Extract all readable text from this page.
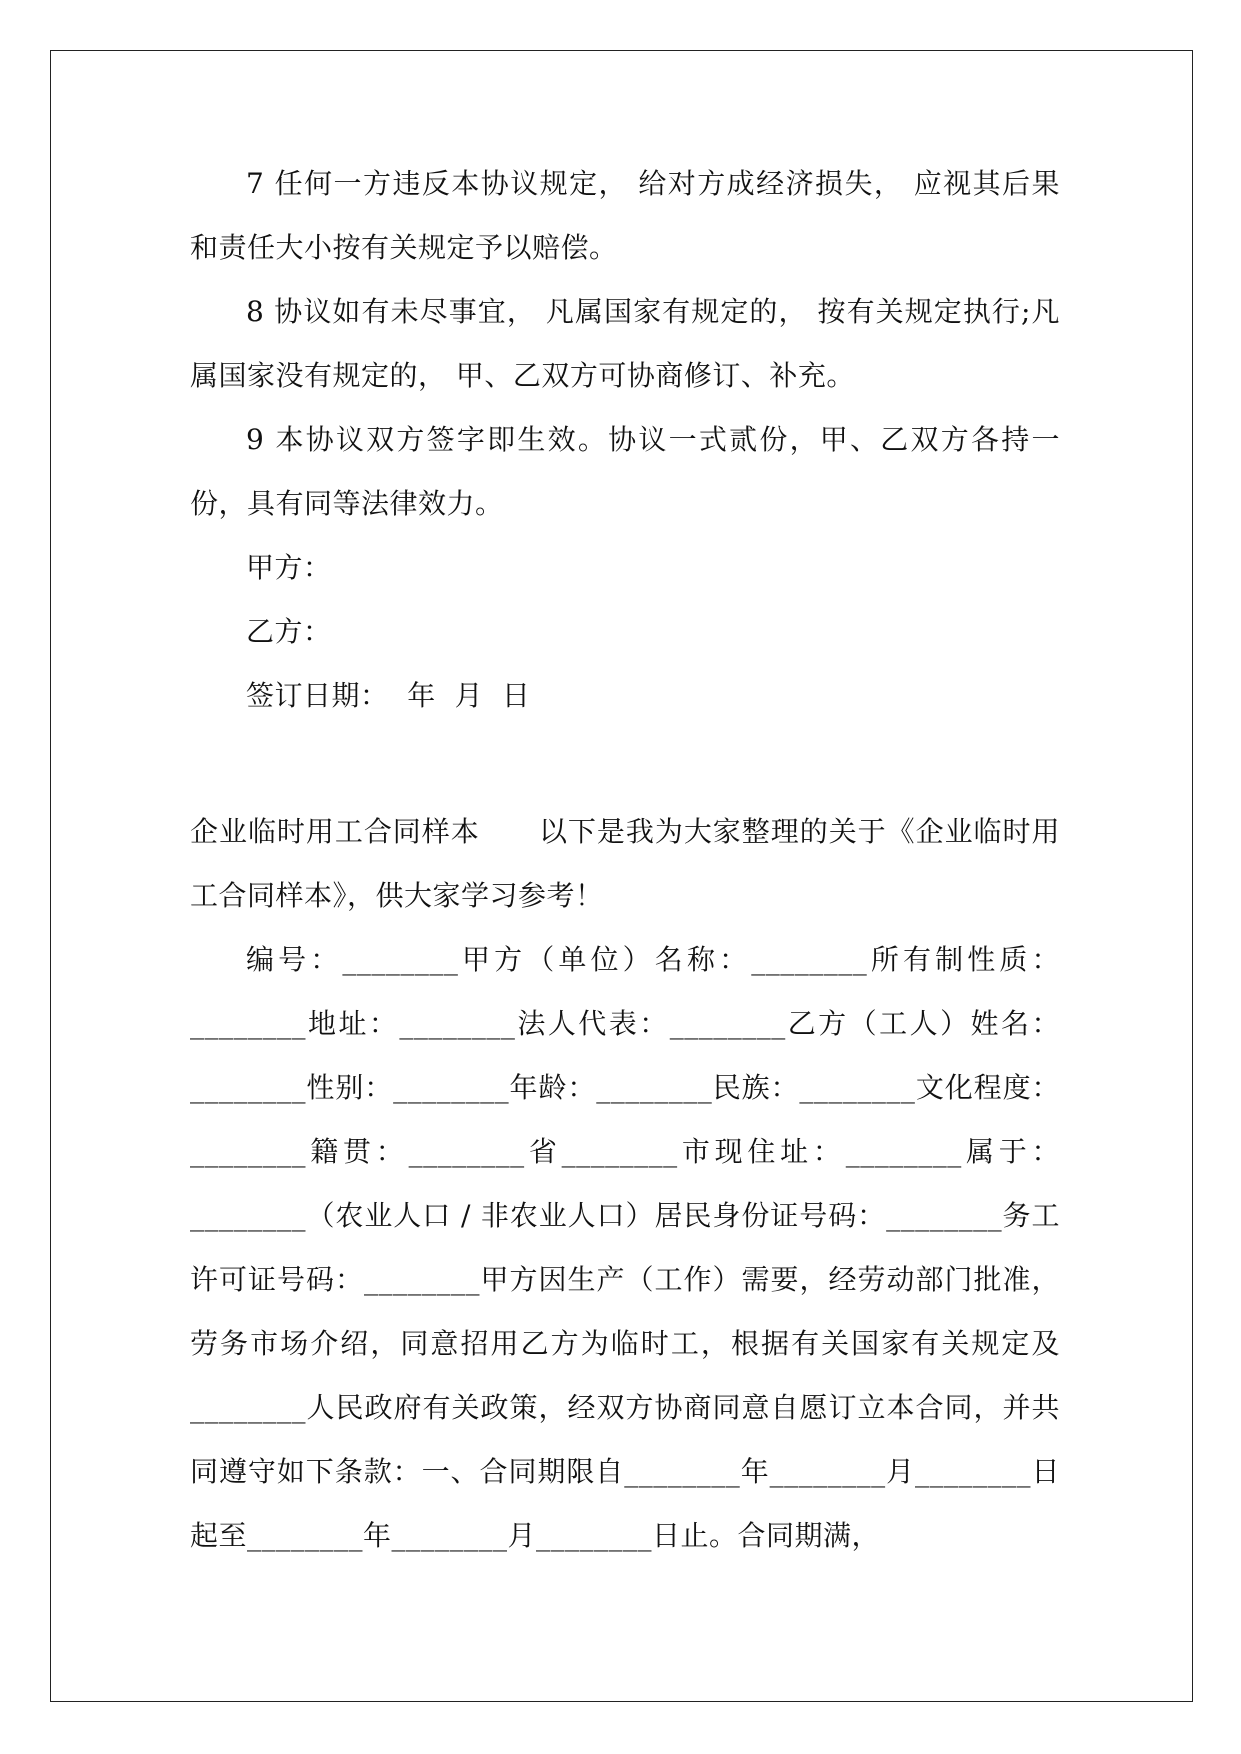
7 任何一方违反本协议规定， 给对方成经济损失， 应视其后果和责任大小按有关规定予以赔偿。

8 协议如有未尽事宜， 凡属国家有规定的， 按有关规定执行;凡属国家没有规定的， 甲、乙双方可协商修订、补充。

9 本协议双方签字即生效。协议一式贰份，甲、乙双方各持一份，具有同等法律效力。

甲方：

乙方：

签订日期：  年  月  日

企业临时用工合同样本      以下是我为大家整理的关于《企业临时用工合同样本》，供大家学习参考！

编号：________甲方（单位）名称：________所有制性质：________地址：________法人代表：________乙方（工人）姓名：________性别：________年龄：________民族：________文化程度：________籍贯：________省________市现住址：________属于：________（农业人口 / 非农业人口）居民身份证号码：________务工许可证号码：________甲方因生产（工作）需要，经劳动部门批准，劳务市场介绍，同意招用乙方为临时工，根据有关国家有关规定及________人民政府有关政策，经双方协商同意自愿订立本合同，并共同遵守如下条款：一、合同期限自________年________月________日起至________年________月________日止。合同期满，
